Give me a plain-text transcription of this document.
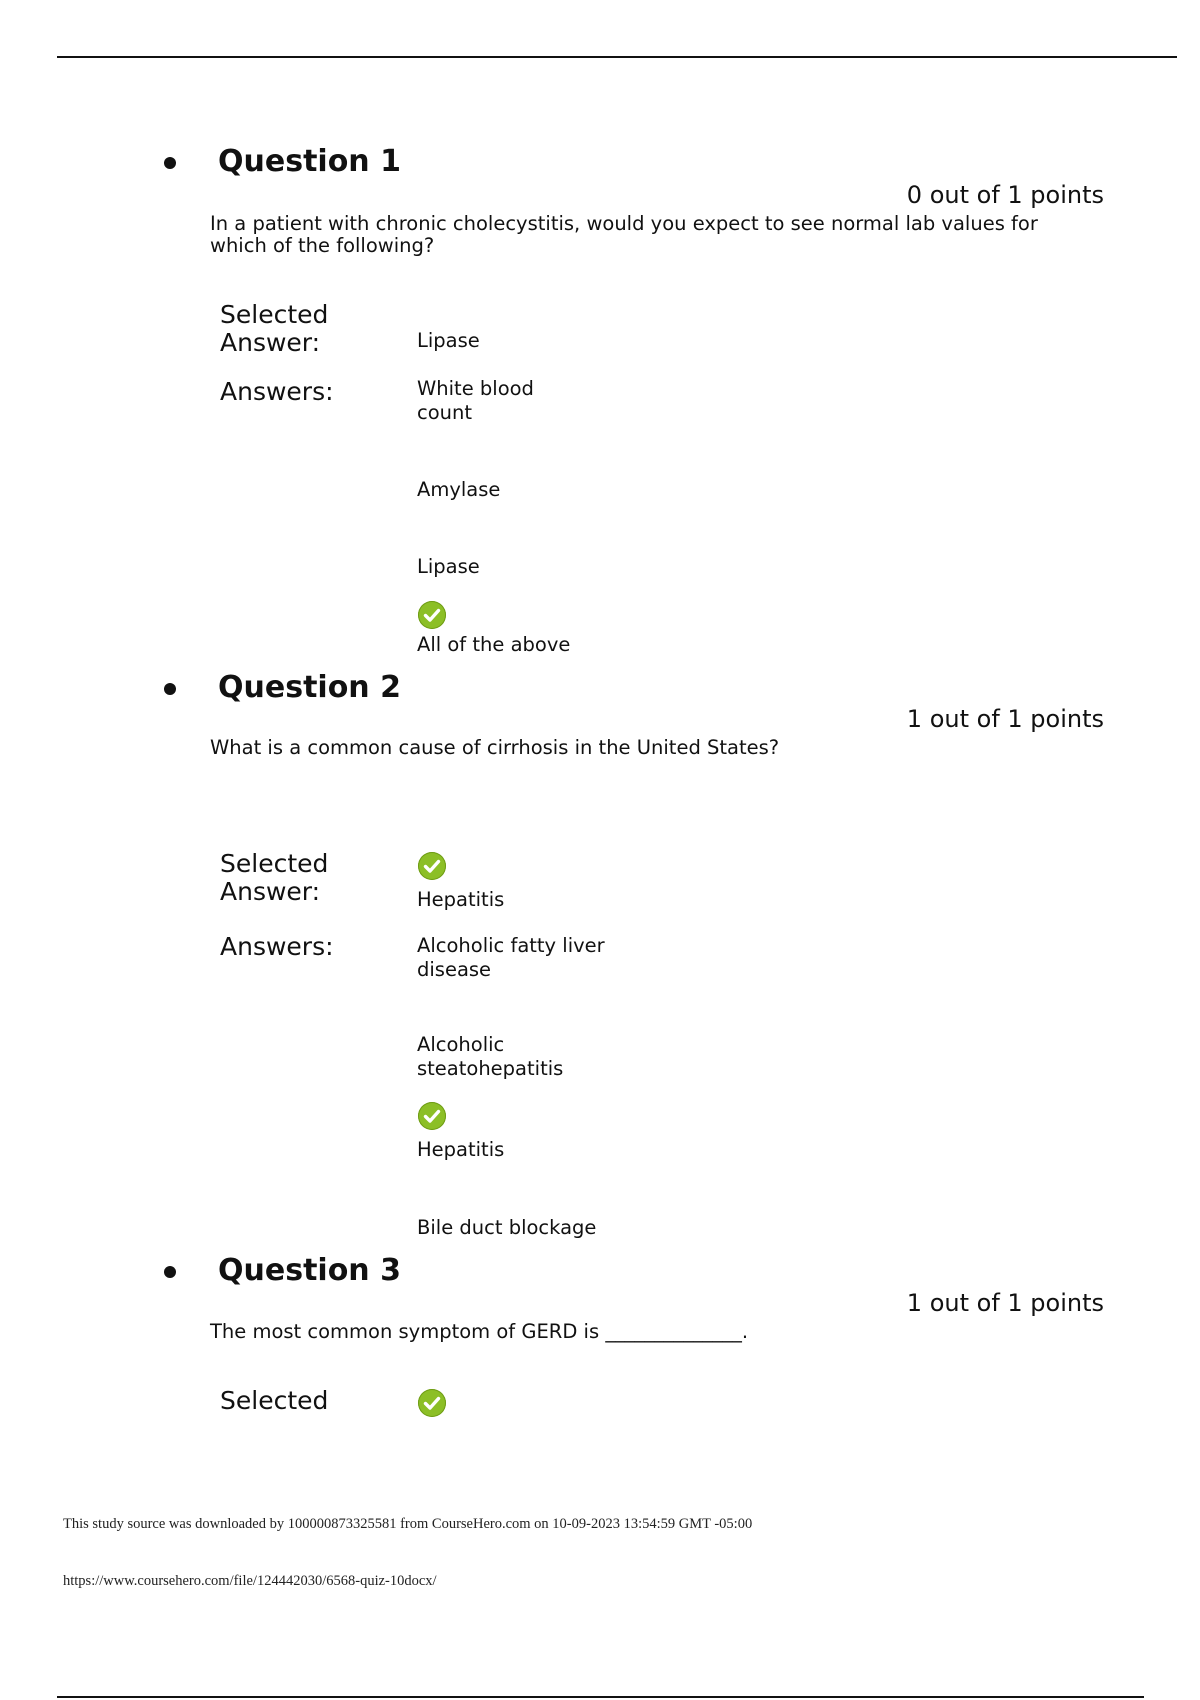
Question 1
0 out of 1 points
In a patient with chronic cholecystitis, would you expect to see normal lab values for which of the following?
Selected Answer:	Lipase
Answers:	White blood count
Amylase
Lipase
All of the above
Question 2
1 out of 1 points
What is a common cause of cirrhosis in the United States?
Selected Answer:	Hepatitis
Answers:	Alcoholic fatty liver disease
Alcoholic steatohepatitis
Hepatitis
Bile duct blockage
Question 3
1 out of 1 points
The most common symptom of GERD is ______________.
Selected
This study source was downloaded by 100000873325581 from CourseHero.com on 10-09-2023 13:54:59 GMT -05:00
https://www.coursehero.com/file/124442030/6568-quiz-10docx/
